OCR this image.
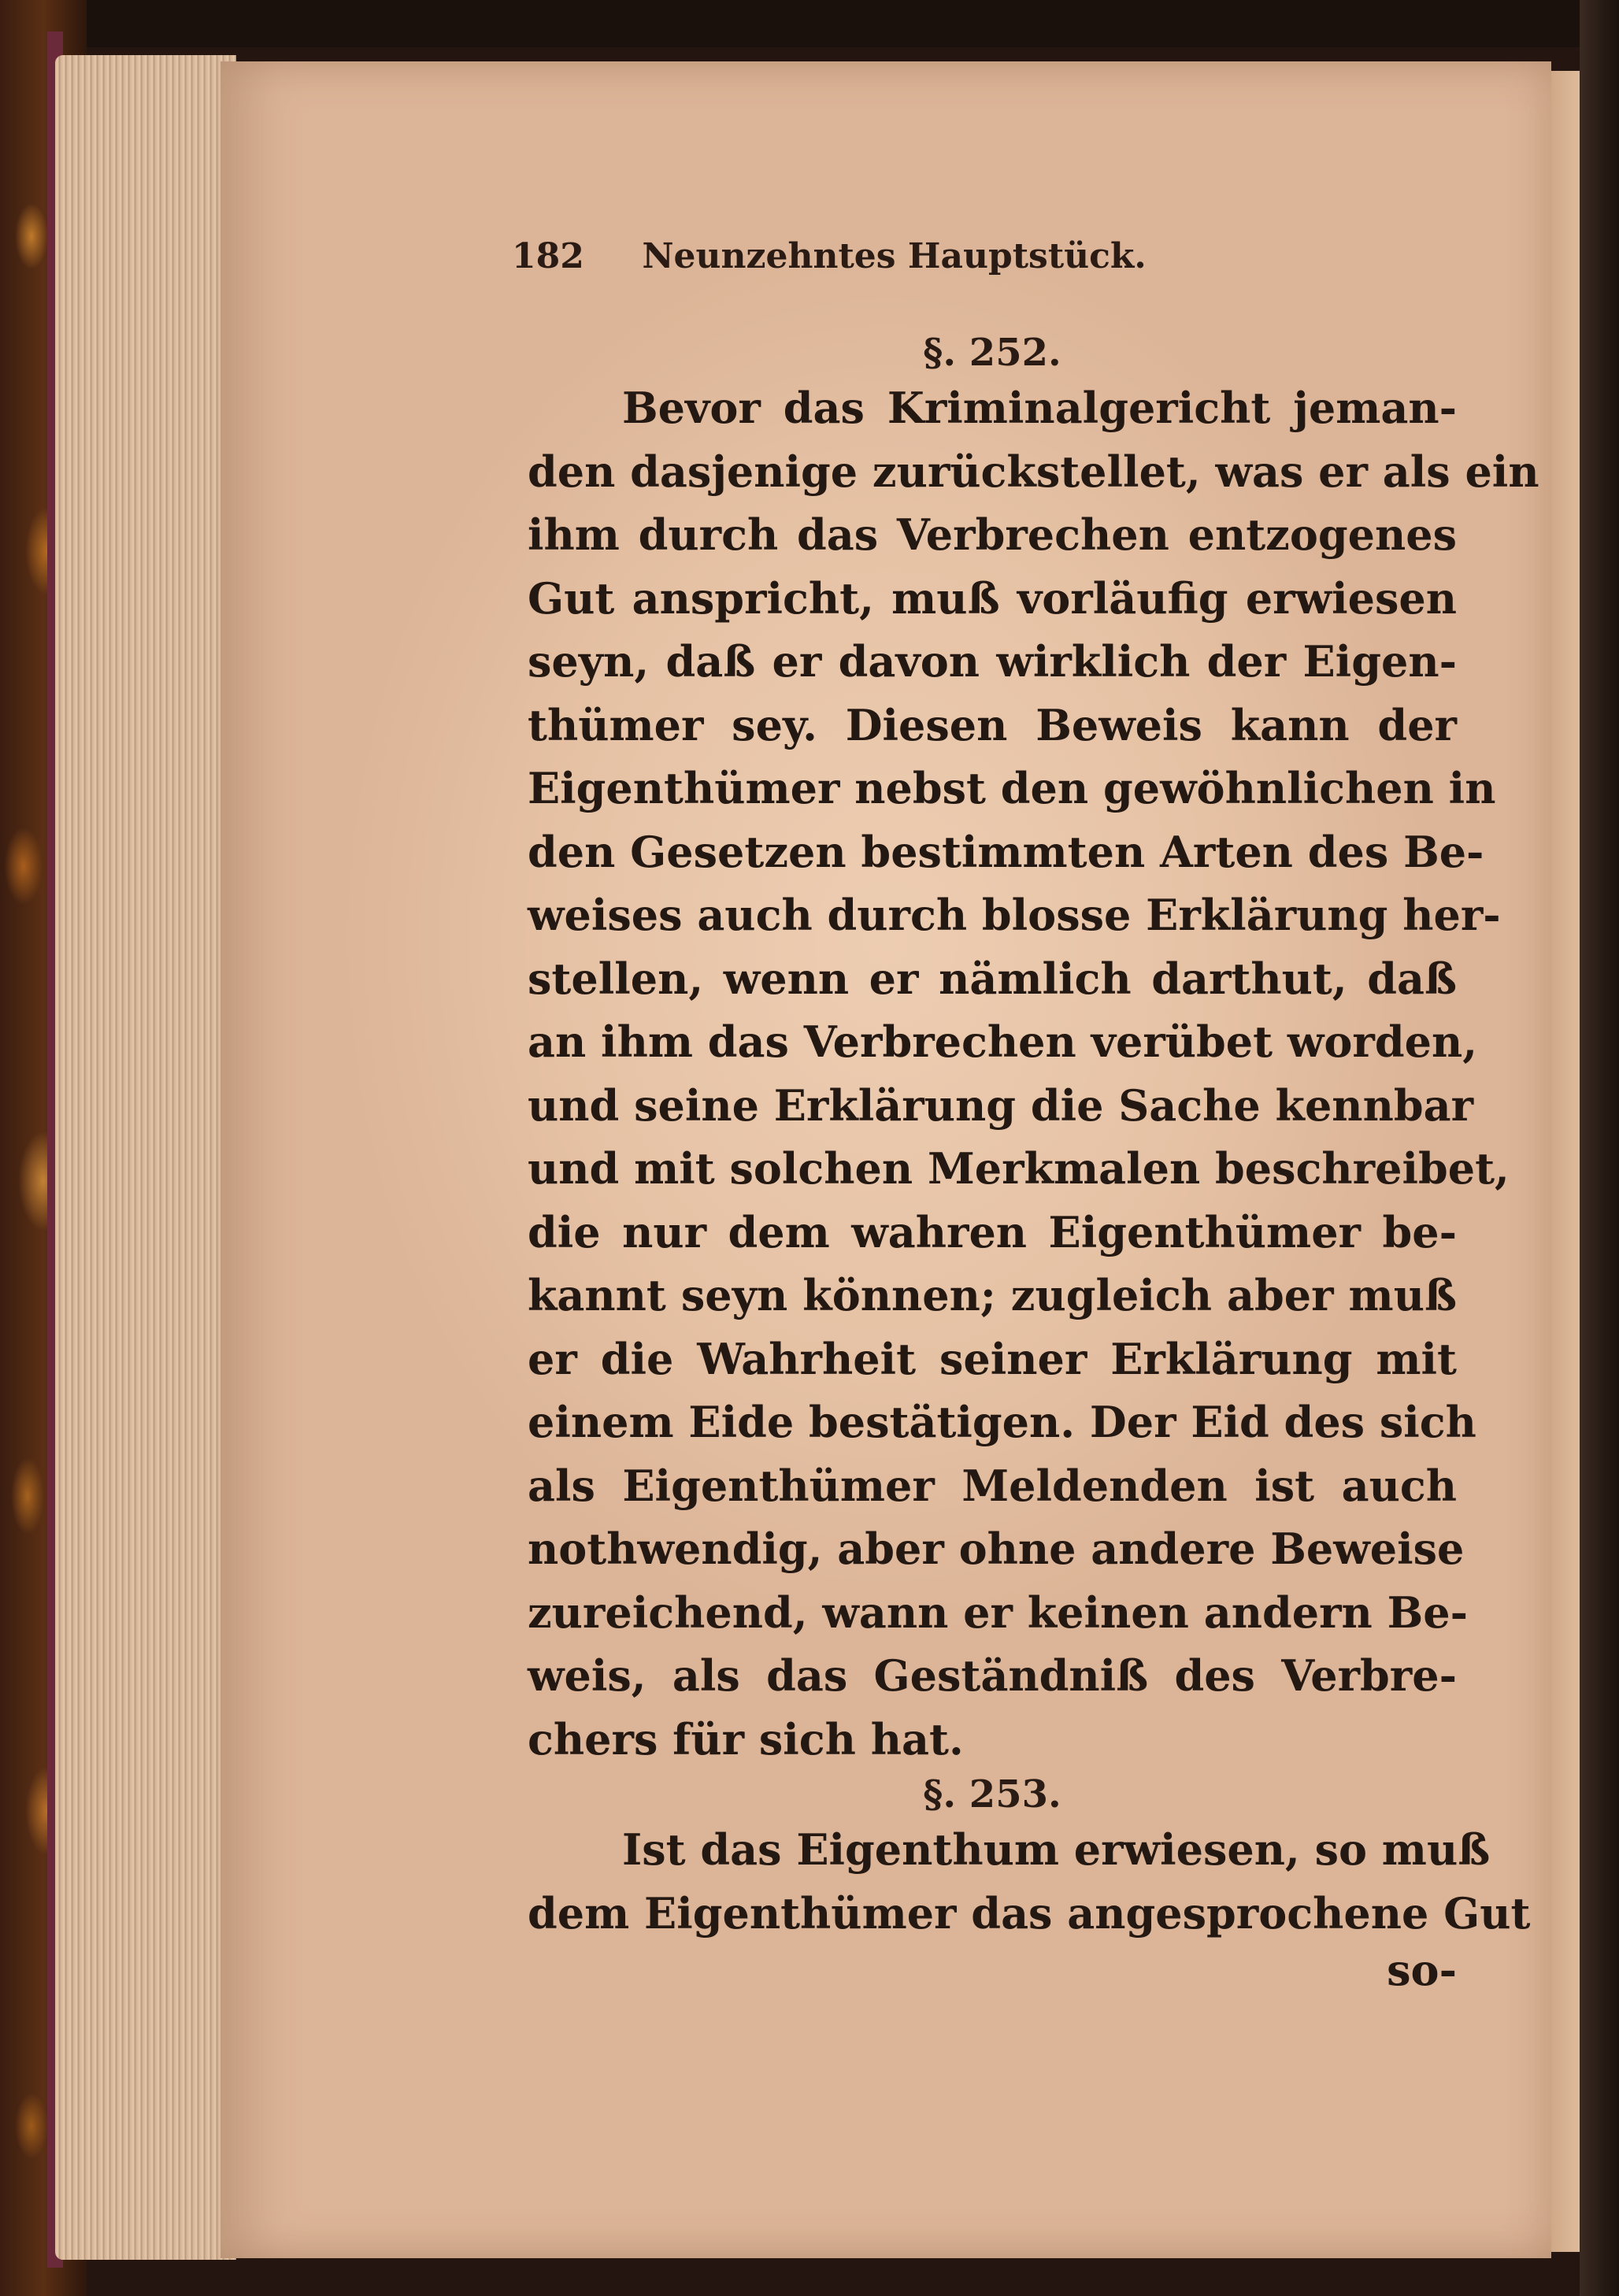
182 Neunzehntes Hauptstück.

§. 252.

Bevor das Kriminalgericht jeman-
den dasjenige zurückstellet, was er als ein
ihm durch das Verbrechen entzogenes
Gut anspricht, muß vorläufig erwiesen
seyn, daß er davon wirklich der Eigen-
thümer sey. Diesen Beweis kann der
Eigenthümer nebst den gewöhnlichen in
den Gesetzen bestimmten Arten des Be-
weises auch durch blosse Erklärung her-
stellen, wenn er nämlich darthut, daß
an ihm das Verbrechen verübet worden,
und seine Erklärung die Sache kennbar
und mit solchen Merkmalen beschreibet,
die nur dem wahren Eigenthümer be-
kannt seyn können; zugleich aber muß
er die Wahrheit seiner Erklärung mit
einem Eide bestätigen. Der Eid des sich
als Eigenthümer Meldenden ist auch
nothwendig, aber ohne andere Beweise
zureichend, wann er keinen andern Be-
weis, als das Geständniß des Verbre-
chers für sich hat.

§. 253.

Ist das Eigenthum erwiesen, so muß
dem Eigenthümer das angesprochene Gut
so-
